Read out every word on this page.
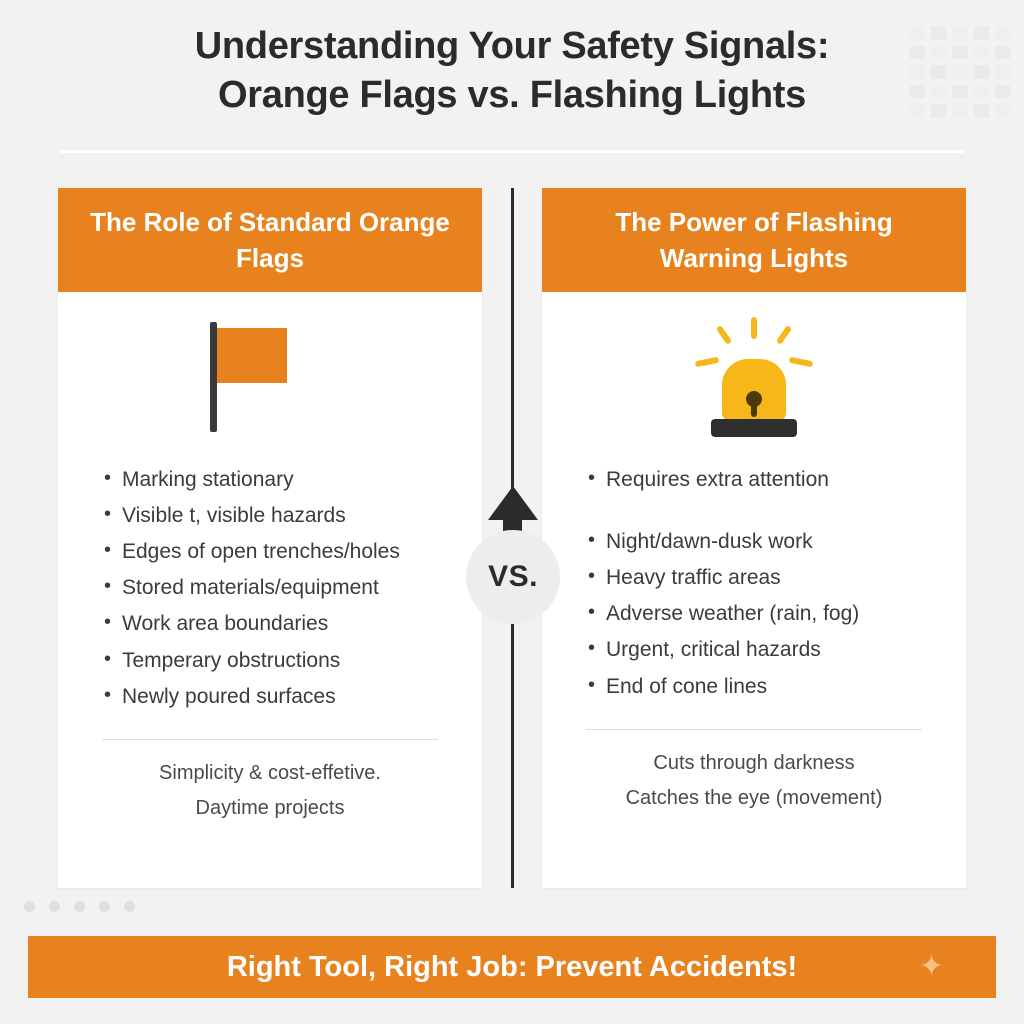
Understanding Your Safety Signals:
Orange Flags vs. Flashing Lights
The Role of Standard Orange Flags
• Marking stationary
• Visible t, visible hazards
• Edges of open trenches/holes
• Stored materials/equipment
• Work area boundaries
• Temperary obstructions
• Newly poured surfaces
Simplicity & cost-effetive.
Daytime projects
The Power of Flashing Warning Lights
• Requires extra attention
• Night/dawn-dusk work
• Heavy traffic areas
• Adverse weather (rain, fog)
• Urgent, critical hazards
• End of cone lines
Cuts through darkness
Catches the eye (movement)
VS.
Right Tool, Right Job: Prevent Accidents!	✦
